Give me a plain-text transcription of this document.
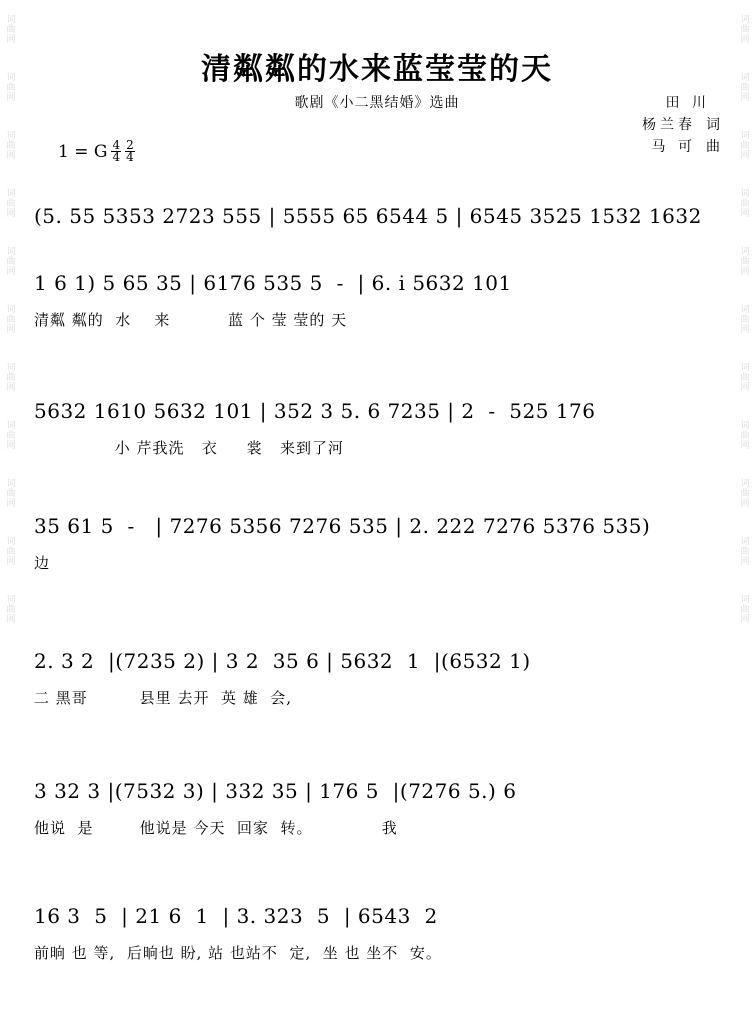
词曲网
词曲网
词曲网
词曲网
词曲网
词曲网
词曲网
词曲网
词曲网
词曲网
词曲网
词曲网
词曲网
词曲网
词曲网
词曲网
词曲网
词曲网
词曲网
词曲网
词曲网
词曲网
清粼粼的水来蓝莹莹的天
歌剧《小二黑结婚》选曲	田 川
杨兰春 词
马 可 曲
1 = G $\frac{4}{4} \frac{2}{4}$
(5. 55 5353 2723 555 | 5555 65 6544 5 | 6545 3525 1532 1632
1 6 1) 5 65 35 | 6176 535 5  -  | 6. i 5632 101
清粼 粼的  水    来          蓝 个 莹 莹的 天
5632 1610 5632 101 | 352 3 5. 6 7235 | 2  -  525 176
小 芹我洗   衣     裳   来到了河
35 61 5  -   | 7276 5356 7276 535 | 2. 222 7276 5376 535)
边
2. 3 2  |(7235 2) | 3 2  35 6 | 5632  1  |(6532 1)
二 黑哥         县里 去开  英 雄  会,
3 32 3 |(7532 3) | 332 35 | 176 5  |(7276 5.) 6
他说  是        他说是 今天  回家  转。            我
16 3  5  | 21 6  1  | 3. 323  5  | 6543  2
前晌 也 等,  后晌也 盼, 站 也站不  定,  坐 也 坐不  安。
